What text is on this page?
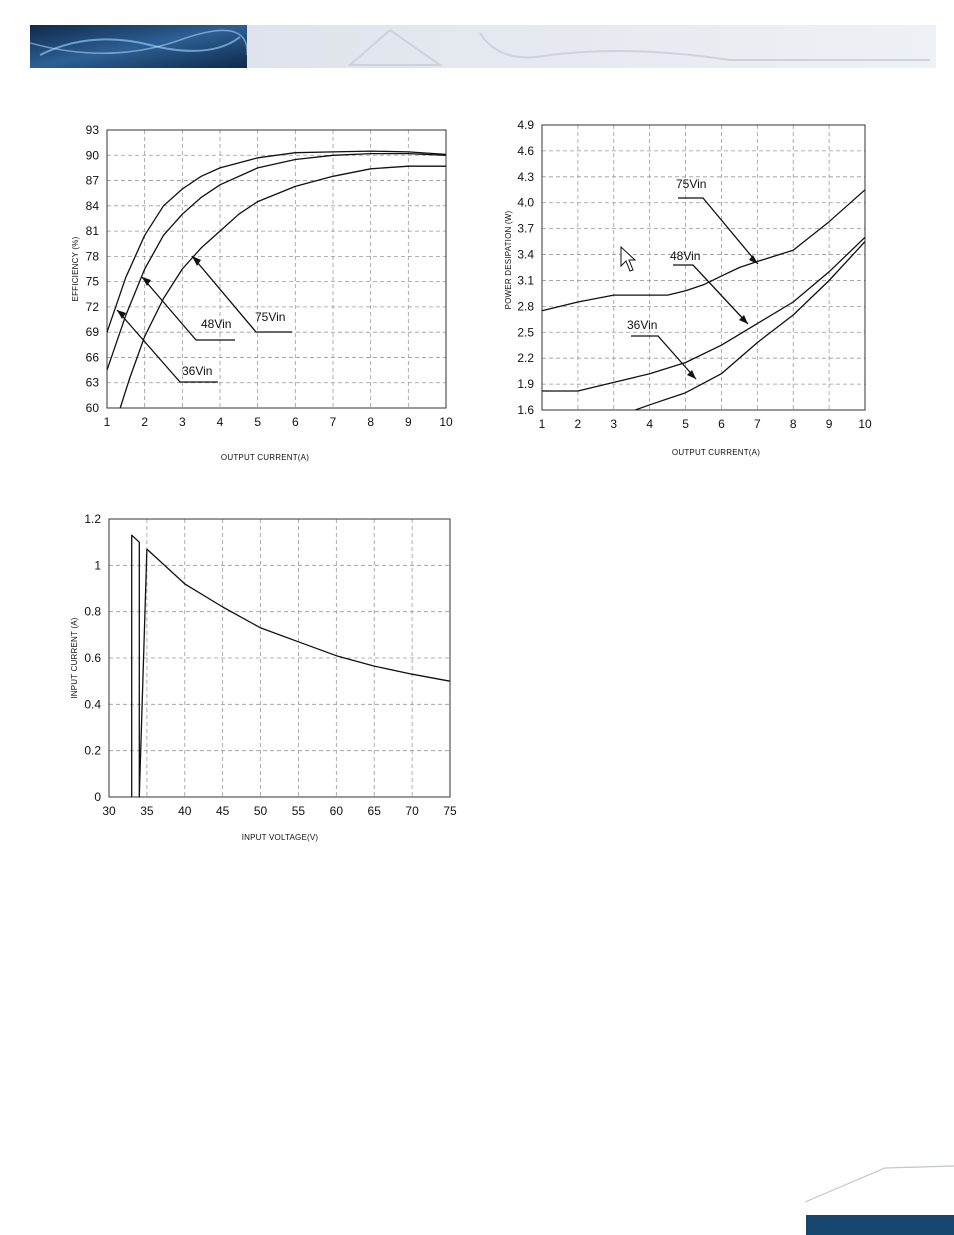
1	2	3	4	5	6	7	8	9 10
60
63
66
69
72
75
78
81
84
87
90
93
OUTPUT CURRENT(A)
EFFICIENCY (%)
36Vin
48Vin 75Vin
1 2 3 4 5 6 7 8 9 10
1.6
1.9
2.2
2.5
2.8
3.1
3.4
3.7
4.0
4.3
4.6
4.9
OUTPUT CURRENT(A)
POWER DESIPATION (W)
75Vin
48Vin
36Vin
30 35 40 45 50 55 60 65 70 75
0
0.2
0.4
0.6
0.8
1
1.2
INPUT VOLTAGE(V)
INPUT CURRENT (A)
